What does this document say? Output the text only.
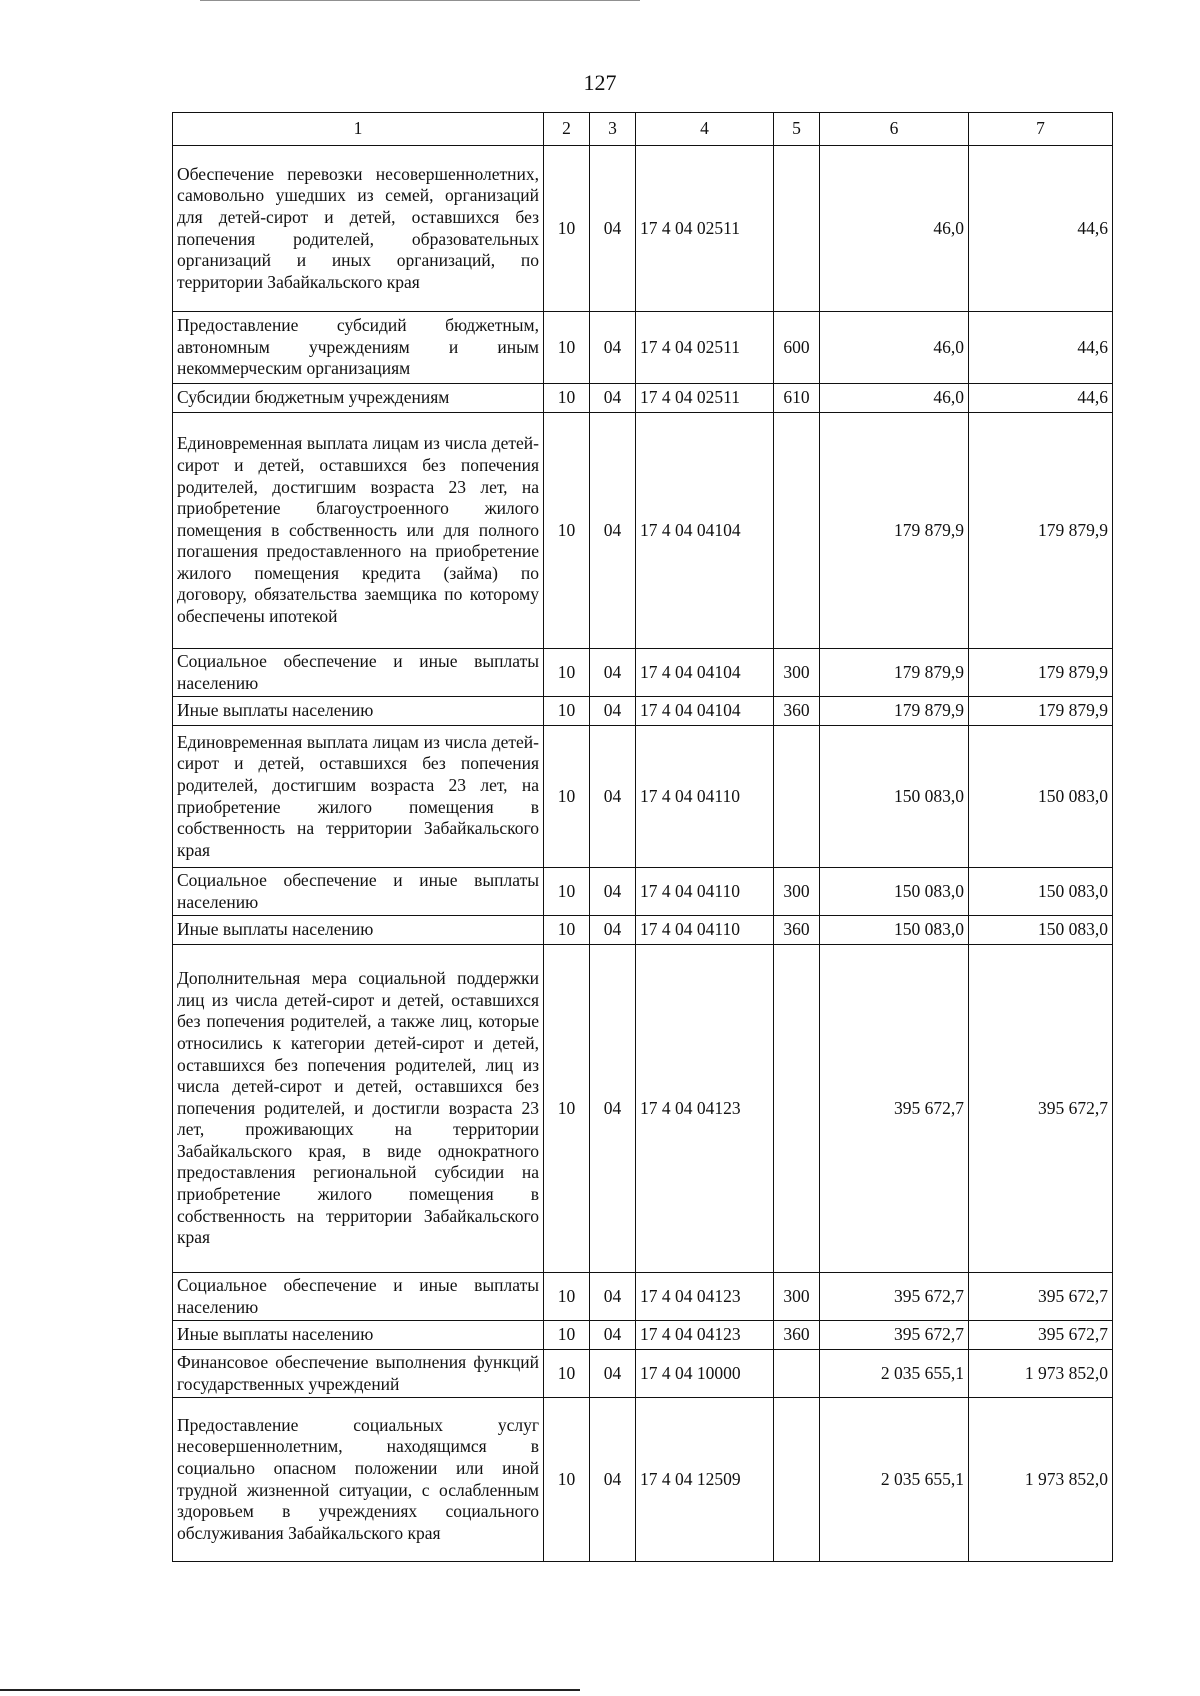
127
1	2	3	4	5	6	7
Обеспечение перевозки несовершеннолетних, самовольно ушедших из семей, организаций для детей-сирот и детей, оставшихся без попечения родителей, образовательных организаций и иных организаций, по территории Забайкальского края	10	04	17 4 04 02511		46,0	44,6
Предоставление субсидий бюджетным, автономным учреждениям и иным некоммерческим организациям	10	04	17 4 04 02511	600	46,0	44,6
Субсидии бюджетным учреждениям	10	04	17 4 04 02511	610	46,0	44,6
Единовременная выплата лицам из числа детей-сирот и детей, оставшихся без попечения родителей, достигшим возраста 23 лет, на приобретение благоустроенного жилого помещения в собственность или для полного погашения предоставленного на приобретение жилого помещения кредита (займа) по договору, обязательства заемщика по которому обеспечены ипотекой	10	04	17 4 04 04104		179 879,9	179 879,9
Социальное обеспечение и иные выплаты населению	10	04	17 4 04 04104	300	179 879,9	179 879,9
Иные выплаты населению	10	04	17 4 04 04104	360	179 879,9	179 879,9
Единовременная выплата лицам из числа детей-сирот и детей, оставшихся без попечения родителей, достигшим возраста 23 лет, на приобретение жилого помещения в собственность на территории Забайкальского края	10	04	17 4 04 04110		150 083,0	150 083,0
Социальное обеспечение и иные выплаты населению	10	04	17 4 04 04110	300	150 083,0	150 083,0
Иные выплаты населению	10	04	17 4 04 04110	360	150 083,0	150 083,0
Дополнительная мера социальной поддержки лиц из числа детей-сирот и детей, оставшихся без попечения родителей, а также лиц, которые относились к категории детей-сирот и детей, оставшихся без попечения родителей, лиц из числа детей-сирот и детей, оставшихся без попечения родителей, и достигли возраста 23 лет, проживающих на территории Забайкальского края, в виде однократного предоставления региональной субсидии на приобретение жилого помещения в собственность на территории Забайкальского края	10	04	17 4 04 04123		395 672,7	395 672,7
Социальное обеспечение и иные выплаты населению	10	04	17 4 04 04123	300	395 672,7	395 672,7
Иные выплаты населению	10	04	17 4 04 04123	360	395 672,7	395 672,7
Финансовое обеспечение выполнения функций государственных учреждений	10	04	17 4 04 10000		2 035 655,1	1 973 852,0
Предоставление социальных услуг несовершеннолетним, находящимся в социально опасном положении или иной трудной жизненной ситуации, с ослабленным здоровьем в учреждениях социального обслуживания Забайкальского края	10	04	17 4 04 12509		2 035 655,1	1 973 852,0
